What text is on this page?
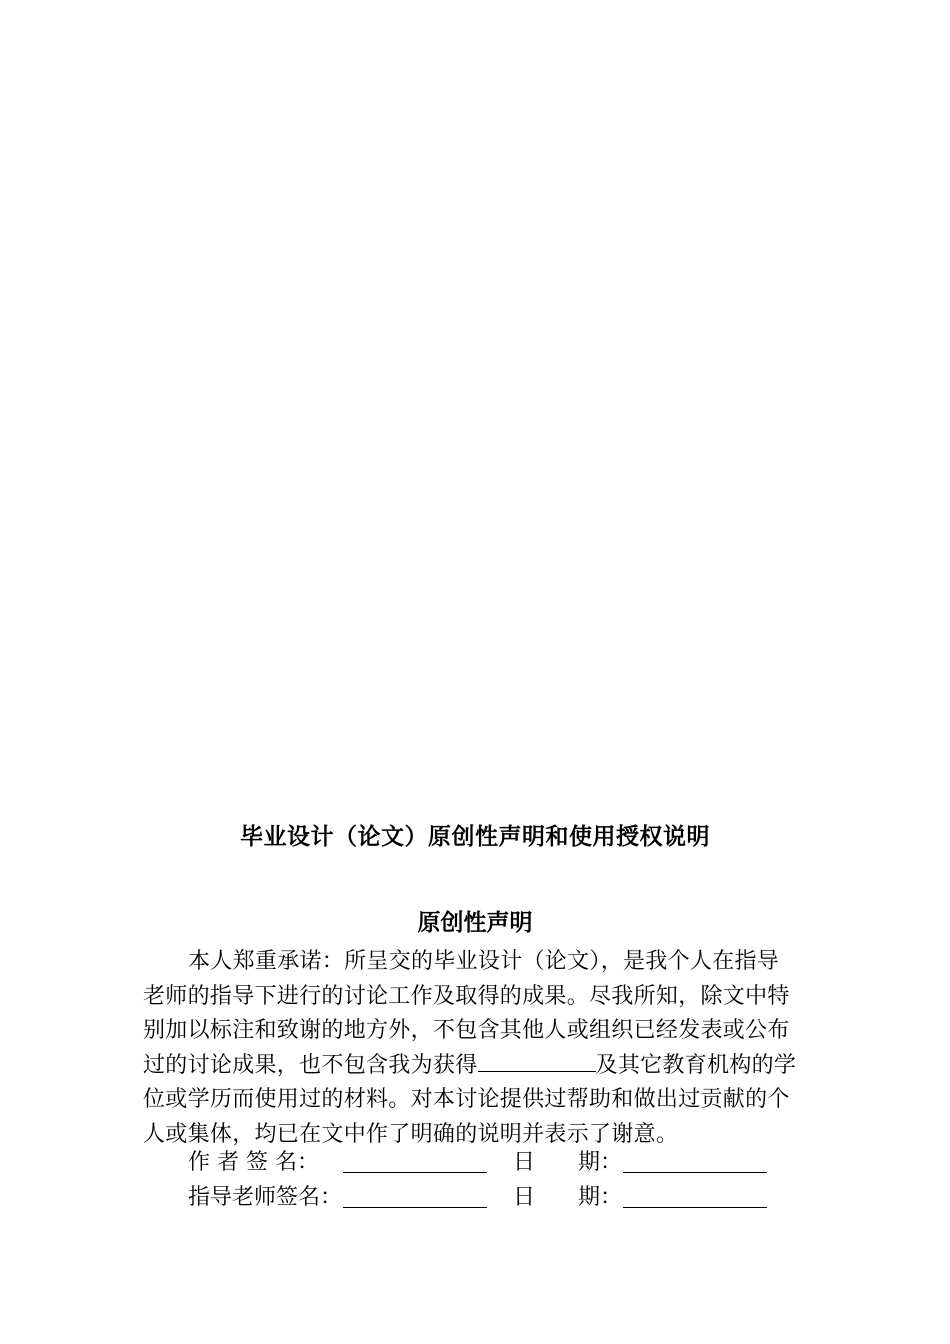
毕业设计（论文）原创性声明和使用授权说明
原创性声明
本人郑重承诺：所呈交的毕业设计（论文），是我个人在指导
老师的指导下进行的讨论工作及取得的成果。尽我所知，除文中特
别加以标注和致谢的地方外，不包含其他人或组织已经发表或公布
过的讨论成果，也不包含我为获得	及其它教育机构的学
位或学历而使用过的材料。对本讨论提供过帮助和做出过贡献的个
人或集体，均已在文中作了明确的说明并表示了谢意。
作 者 签 名：	日 期：
指导老师签名：	日 期：
